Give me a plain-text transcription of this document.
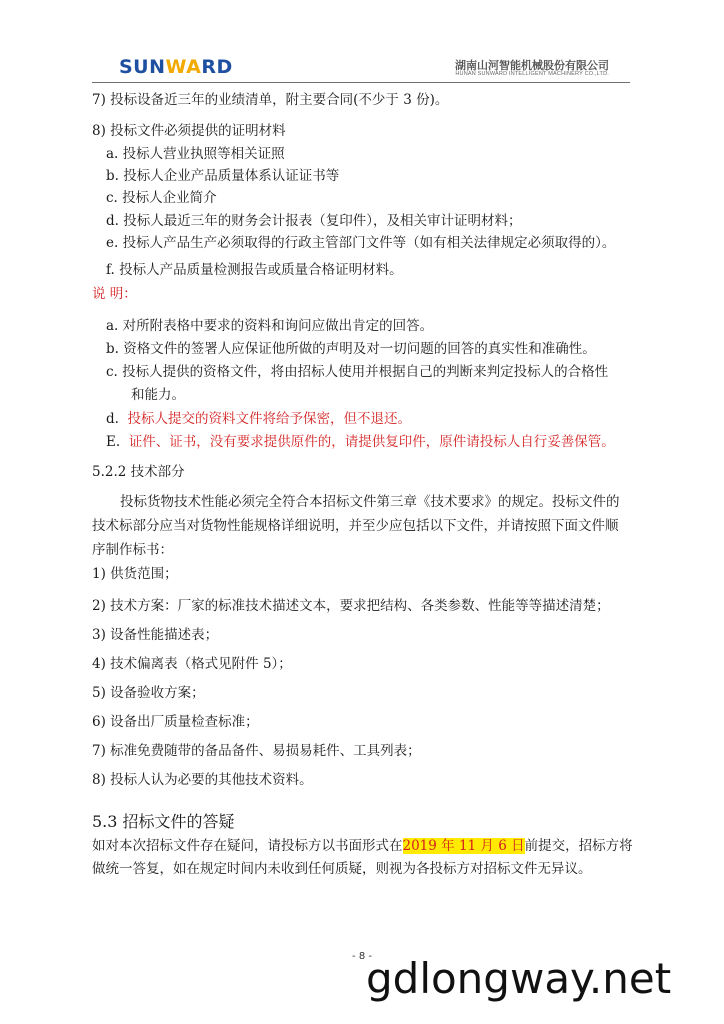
SUNWARD	湖南山河智能机械股份有限公司
HUNAN SUNWARD INTELLIGENT MACHINERY CO.,LTD.
7) 投标设备近三年的业绩清单，附主要合同(不少于 3 份)。
8) 投标文件必须提供的证明材料
a. 投标人营业执照等相关证照
b. 投标人企业产品质量体系认证证书等
c. 投标人企业简介
d. 投标人最近三年的财务会计报表（复印件），及相关审计证明材料；
e. 投标人产品生产必须取得的行政主管部门文件等（如有相关法律规定必须取得的）。
f. 投标人产品质量检测报告或质量合格证明材料。
说 明：
a. 对所附表格中要求的资料和询问应做出肯定的回答。
b. 资格文件的签署人应保证他所做的声明及对一切问题的回答的真实性和准确性。
c. 投标人提供的资格文件，将由招标人使用并根据自己的判断来判定投标人的合格性
和能力。
d. 投标人提交的资料文件将给予保密，但不退还。
E. 证件、证书，没有要求提供原件的，请提供复印件，原件请投标人自行妥善保管。
5.2.2 技术部分
投标货物技术性能必须完全符合本招标文件第三章《技术要求》的规定。投标文件的
技术标部分应当对货物性能规格详细说明，并至少应包括以下文件，并请按照下面文件顺
序制作标书：
1) 供货范围；
2) 技术方案：厂家的标准技术描述文本，要求把结构、各类参数、性能等等描述清楚；
3) 设备性能描述表；
4) 技术偏离表（格式见附件 5）；
5) 设备验收方案；
6) 设备出厂质量检查标准；
7) 标准免费随带的备品备件、易损易耗件、工具列表；
8) 投标人认为必要的其他技术资料。
5.3 招标文件的答疑
如对本次招标文件存在疑问，请投标方以书面形式在2019 年 11 月 6 日前提交，招标方将
做统一答复，如在规定时间内未收到任何质疑，则视为各投标方对招标文件无异议。
- 8 -
gdlongway.net
